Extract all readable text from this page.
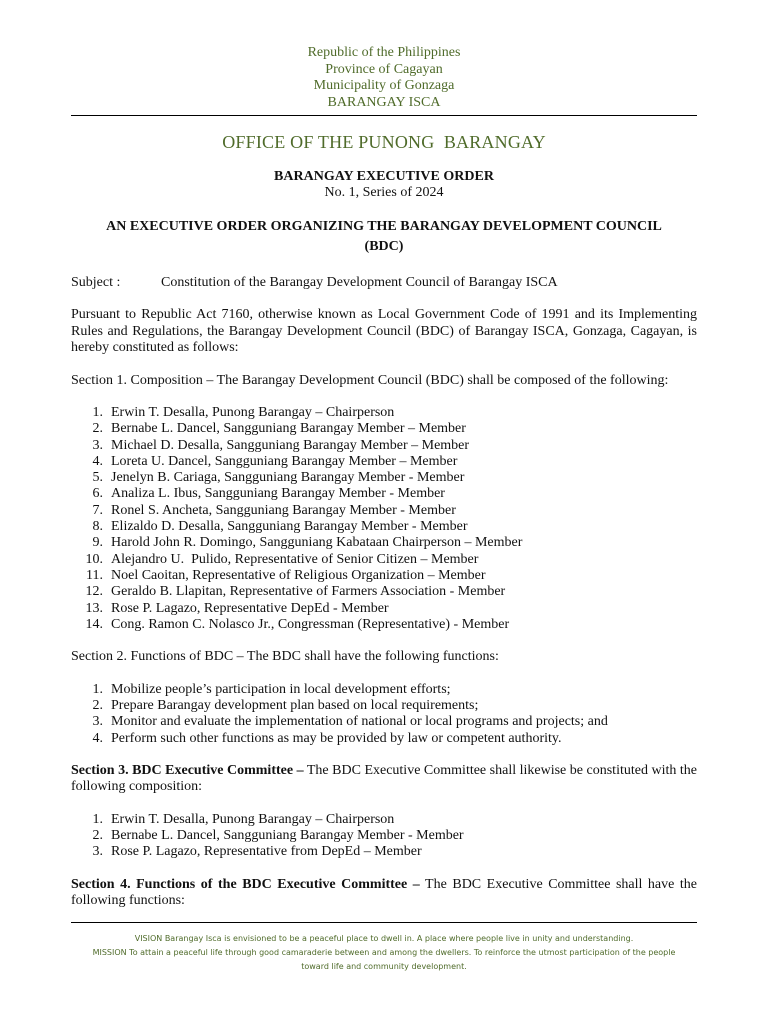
Republic of the Philippines
Province of Cagayan
Municipality of Gonzaga
BARANGAY ISCA
OFFICE OF THE PUNONG  BARANGAY
BARANGAY EXECUTIVE ORDER
No. 1, Series of 2024
AN EXECUTIVE ORDER ORGANIZING THE BARANGAY DEVELOPMENT COUNCIL
(BDC)
Subject :	Constitution of the Barangay Development Council of Barangay ISCA

Pursuant to Republic Act 7160, otherwise known as Local Government Code of 1991 and its Implementing Rules and Regulations, the Barangay Development Council (BDC) of Barangay ISCA, Gonzaga, Cagayan, is hereby constituted as follows:

Section 1. Composition – The Barangay Development Council (BDC) shall be composed of the following:

1. Erwin T. Desalla, Punong Barangay – Chairperson
2. Bernabe L. Dancel, Sangguniang Barangay Member – Member
3. Michael D. Desalla, Sangguniang Barangay Member – Member
4. Loreta U. Dancel, Sangguniang Barangay Member – Member
5. Jenelyn B. Cariaga, Sangguniang Barangay Member - Member
6. Analiza L. Ibus, Sangguniang Barangay Member - Member
7. Ronel S. Ancheta, Sangguniang Barangay Member - Member
8. Elizaldo D. Desalla, Sangguniang Barangay Member - Member
9. Harold John R. Domingo, Sangguniang Kabataan Chairperson – Member
10. Alejandro U.  Pulido, Representative of Senior Citizen – Member
11. Noel Caoitan, Representative of Religious Organization – Member
12. Geraldo B. Llapitan, Representative of Farmers Association - Member
13. Rose P. Lagazo, Representative DepEd - Member
14. Cong. Ramon C. Nolasco Jr., Congressman (Representative) - Member

Section 2. Functions of BDC – The BDC shall have the following functions:

1. Mobilize people’s participation in local development efforts;
2. Prepare Barangay development plan based on local requirements;
3. Monitor and evaluate the implementation of national or local programs and projects; and
4. Perform such other functions as may be provided by law or competent authority.

Section 3. BDC Executive Committee – The BDC Executive Committee shall likewise be constituted with the following composition:

1. Erwin T. Desalla, Punong Barangay – Chairperson
2. Bernabe L. Dancel, Sangguniang Barangay Member - Member
3. Rose P. Lagazo, Representative from DepEd – Member

Section 4. Functions of the BDC Executive Committee – The BDC Executive Committee shall have the following functions:

VISION Barangay Isca is envisioned to be a peaceful place to dwell in. A place where people live in unity and understanding.
MISSION To attain a peaceful life through good camaraderie between and among the dwellers. To reinforce the utmost participation of the people
toward life and community development.
